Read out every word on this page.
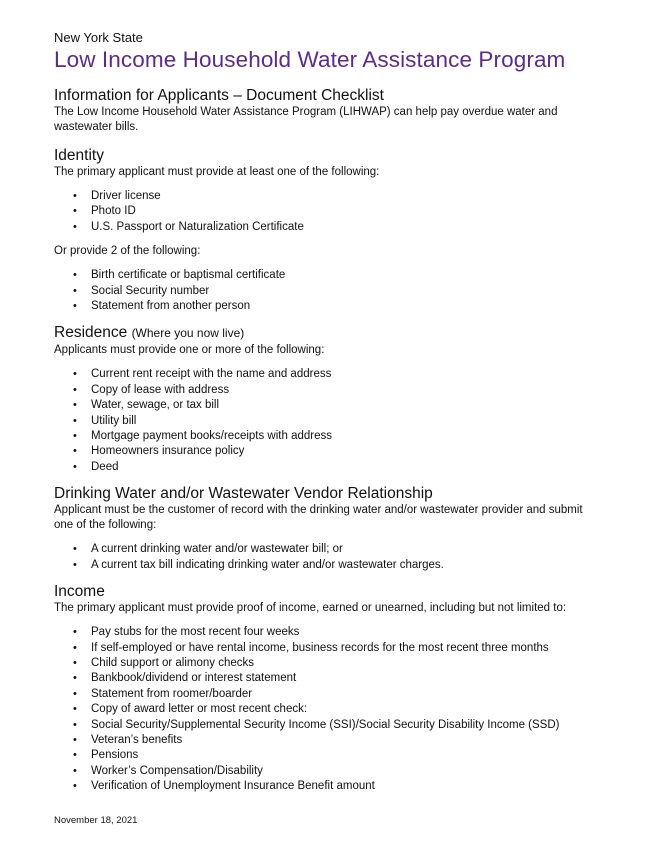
New York State
Low Income Household Water Assistance Program
Information for Applicants – Document Checklist

The Low Income Household Water Assistance Program (LIHWAP) can help pay overdue water and wastewater bills.

Identity

The primary applicant must provide at least one of the following:

• Driver license
• Photo ID
• U.S. Passport or Naturalization Certificate

Or provide 2 of the following:

• Birth certificate or baptismal certificate
• Social Security number
• Statement from another person
Residence (Where you now live)

Applicants must provide one or more of the following:

• Current rent receipt with the name and address
• Copy of lease with address
• Water, sewage, or tax bill
• Utility bill
• Mortgage payment books/receipts with address
• Homeowners insurance policy
• Deed
Drinking Water and/or Wastewater Vendor Relationship

Applicant must be the customer of record with the drinking water and/or wastewater provider and submit one of the following:

• A current drinking water and/or wastewater bill; or
• A current tax bill indicating drinking water and/or wastewater charges.
Income

The primary applicant must provide proof of income, earned or unearned, including but not limited to:

• Pay stubs for the most recent four weeks
• If self-employed or have rental income, business records for the most recent three months
• Child support or alimony checks
• Bankbook/dividend or interest statement
• Statement from roomer/boarder
• Copy of award letter or most recent check:
• Social Security/Supplemental Security Income (SSI)/Social Security Disability Income (SSD)
• Veteran’s benefits
• Pensions
• Worker’s Compensation/Disability
• Verification of Unemployment Insurance Benefit amount
November 18, 2021
